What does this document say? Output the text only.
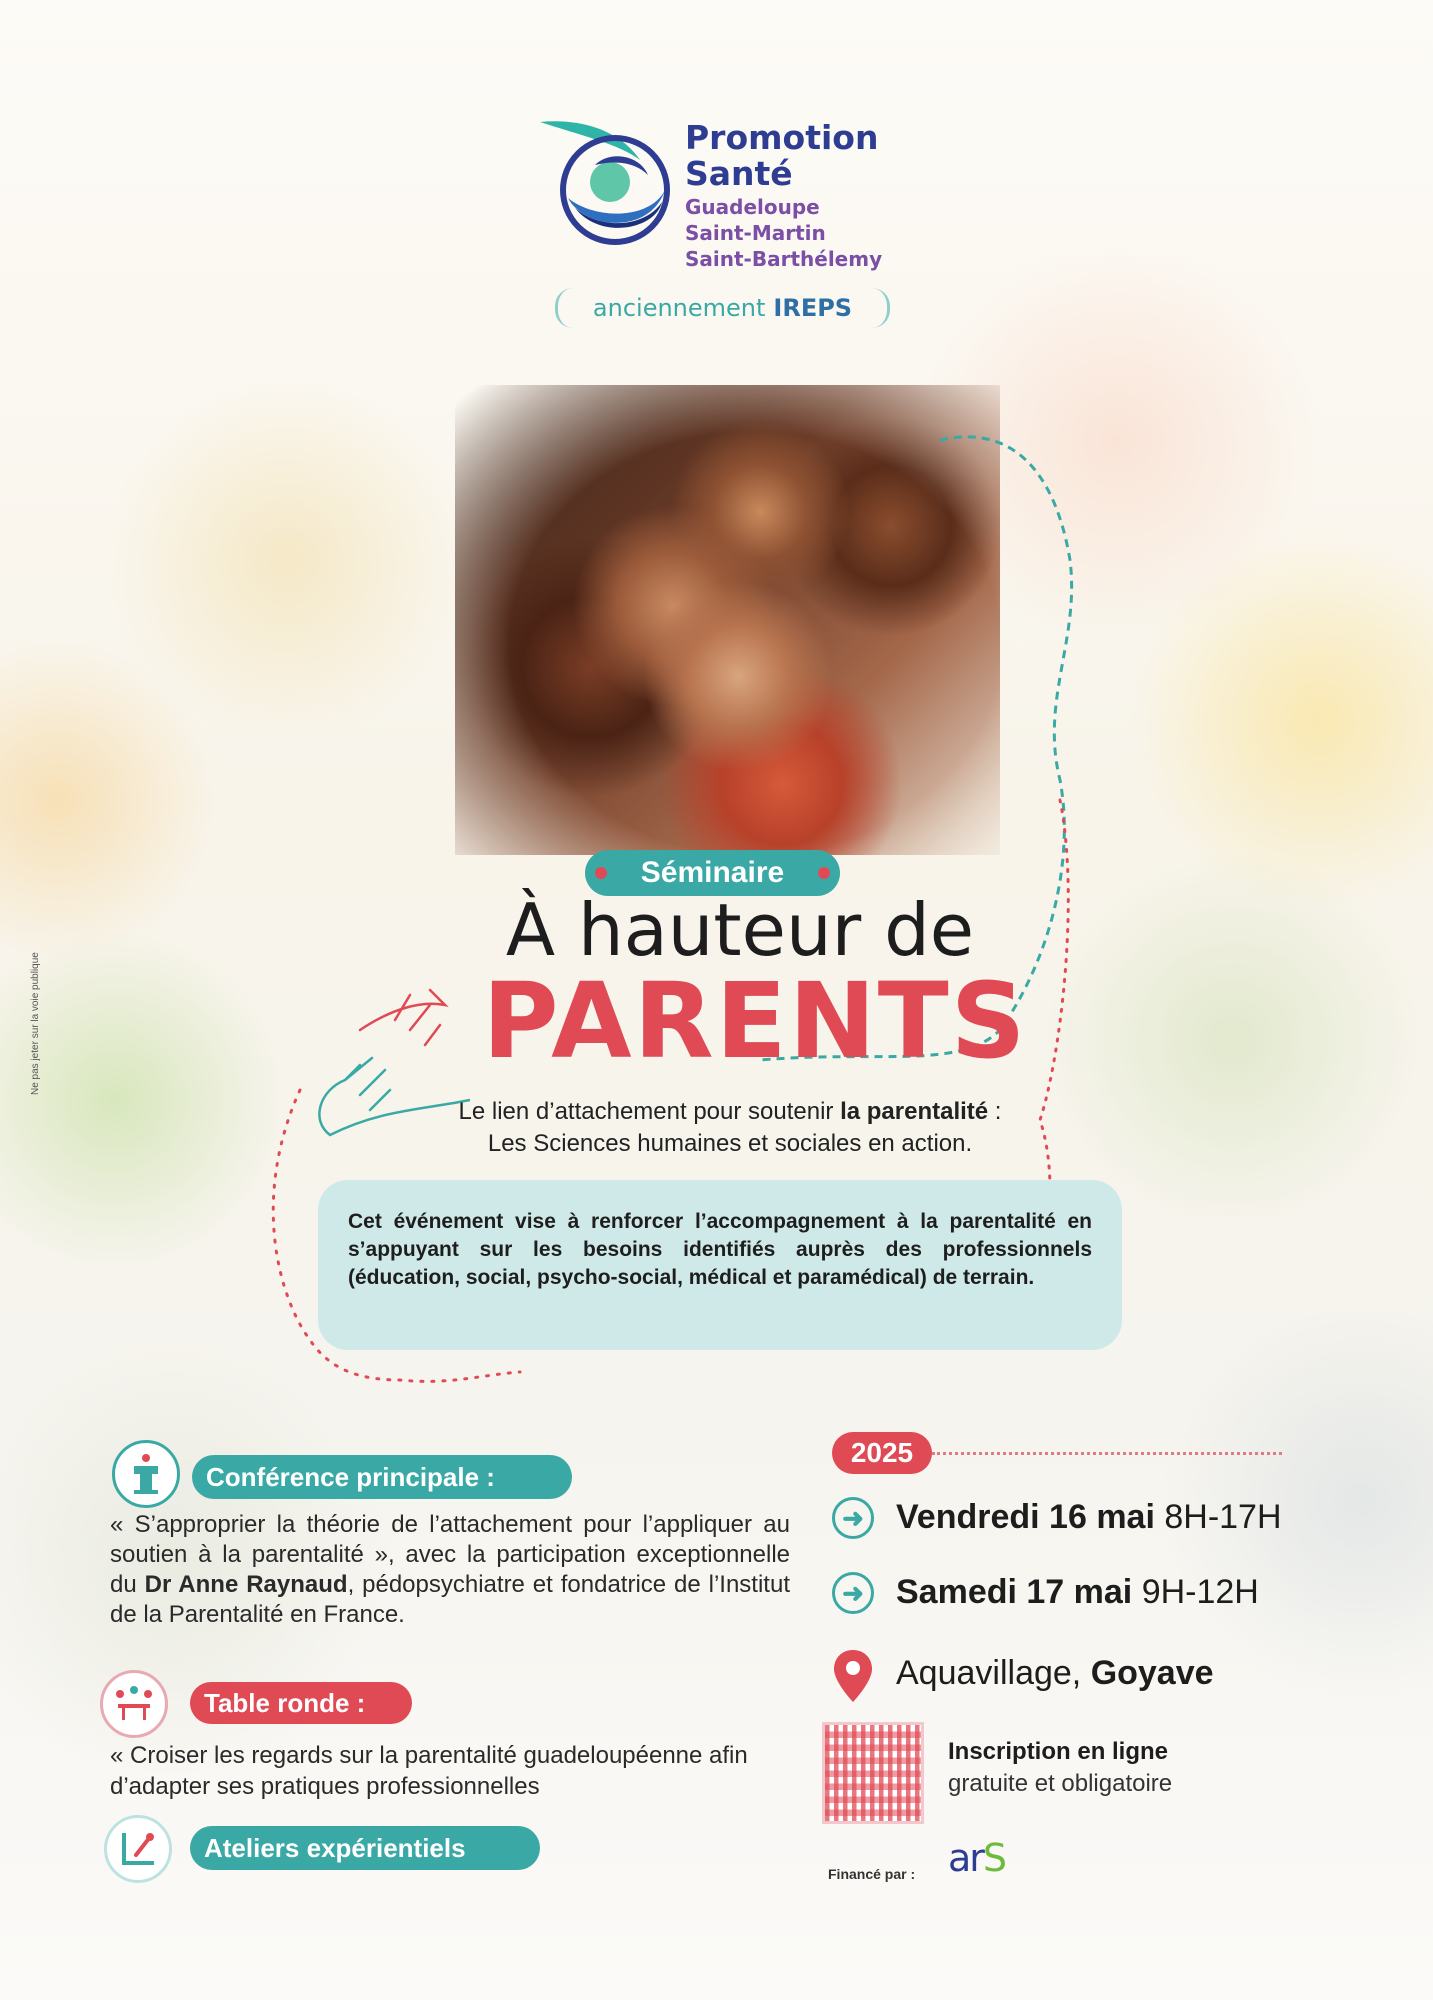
Promotion
Santé
Guadeloupe
Saint-Martin
Saint-Barthélemy
anciennement IREPS
Séminaire
À hauteur de
PARENTS
Le lien d’attachement pour soutenir la parentalité :
Les Sciences humaines et sociales en action.
Cet événement vise à renforcer l’accompagnement à la parentalité en s’appuyant sur les besoins identifiés auprès des professionnels (éducation, social, psycho-social, médical et paramédical) de terrain.
Conférence principale :
« S’approprier la théorie de l’attachement pour l’appliquer au soutien à la parentalité », avec la participation exceptionnelle du Dr Anne Raynaud, pédopsychiatre et fondatrice de l’Institut de la Parentalité en France.
Table ronde :
« Croiser les regards sur la parentalité guadeloupéenne afin d’adapter ses pratiques professionnelles
Ateliers expérientiels
2025
➜ Vendredi 16 mai 8H-17H
➜ Samedi 17 mai 9H-12H
Aquavillage, Goyave
Inscription en ligne
gratuite et obligatoire
Financé par : arS
Ne pas jeter sur la voie publique
